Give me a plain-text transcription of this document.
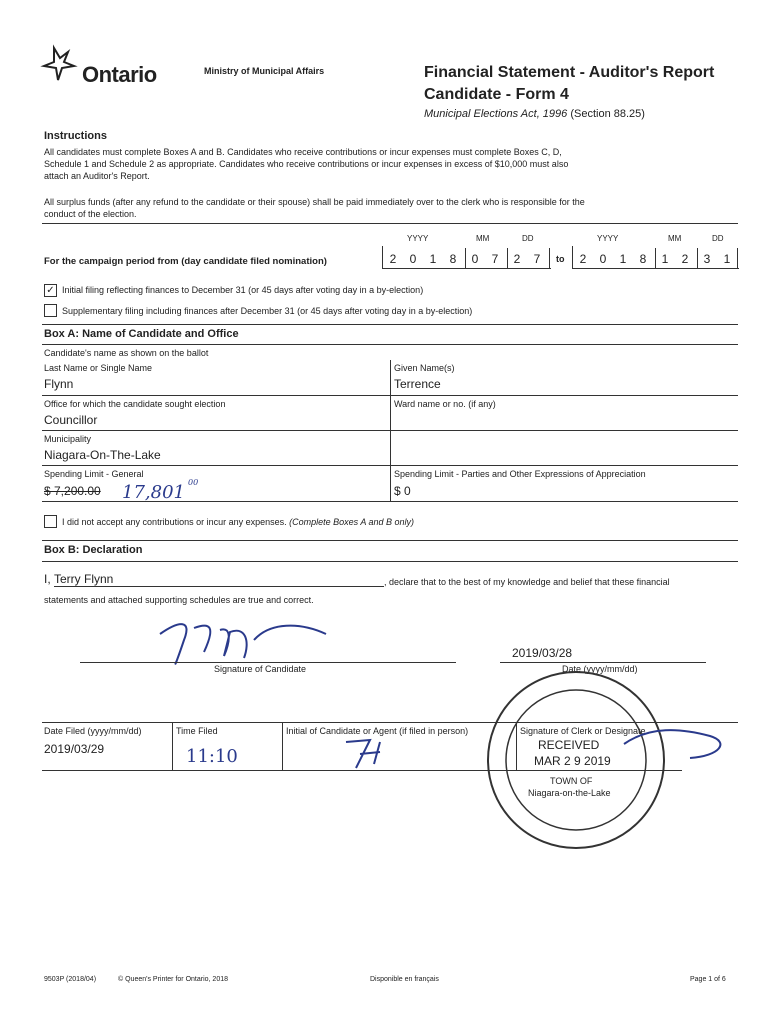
Ontario	Ministry of Municipal Affairs	Financial Statement - Auditor's Report
Candidate - Form 4
Municipal Elections Act, 1996 (Section 88.25)
Instructions
All candidates must complete Boxes A and B. Candidates who receive contributions or incur expenses must complete Boxes C, D,
Schedule 1 and Schedule 2 as appropriate. Candidates who receive contributions or incur expenses in excess of $10,000 must also
attach an Auditor's Report.
All surplus funds (after any refund to the candidate or their spouse) shall be paid immediately over to the clerk who is responsible for the
conduct of the election.
For the campaign period from (day candidate filed nomination)
YYYY	MM	DD	YYYY	MM	DD
2	0	1	8	0	7	2	7	to	2	0	1	8	1	2	3	1
✓ Initial filing reflecting finances to December 31 (or 45 days after voting day in a by-election)
Supplementary filing including finances after December 31 (or 45 days after voting day in a by-election)
Box A: Name of Candidate and Office
Candidate's name as shown on the ballot
Last Name or Single Name
Flynn
Given Name(s)
Terrence
Office for which the candidate sought election
Councillor
Ward name or no. (if any)
Municipality
Niagara-On-The-Lake
Spending Limit - General
$ 7,200.00 17,801 00
Spending Limit - Parties and Other Expressions of Appreciation
$ 0
I did not accept any contributions or incur any expenses. (Complete Boxes A and B only)
Box B: Declaration
I, Terry Flynn	, declare that to the best of my knowledge and belief that these financial
statements and attached supporting schedules are true and correct.
Signature of Candidate
2019/03/28
Date (yyyy/mm/dd)
Date Filed (yyyy/mm/dd)
2019/03/29
Time Filed
11:10
Initial of Candidate or Agent (if filed in person)	Signature of Clerk or Designate
RECEIVED
MAR 2 9 2019
TOWN OF
Niagara-on-the-Lake
9503P (2018/04)	© Queen's Printer for Ontario, 2018	Disponible en français	Page 1 of 6
